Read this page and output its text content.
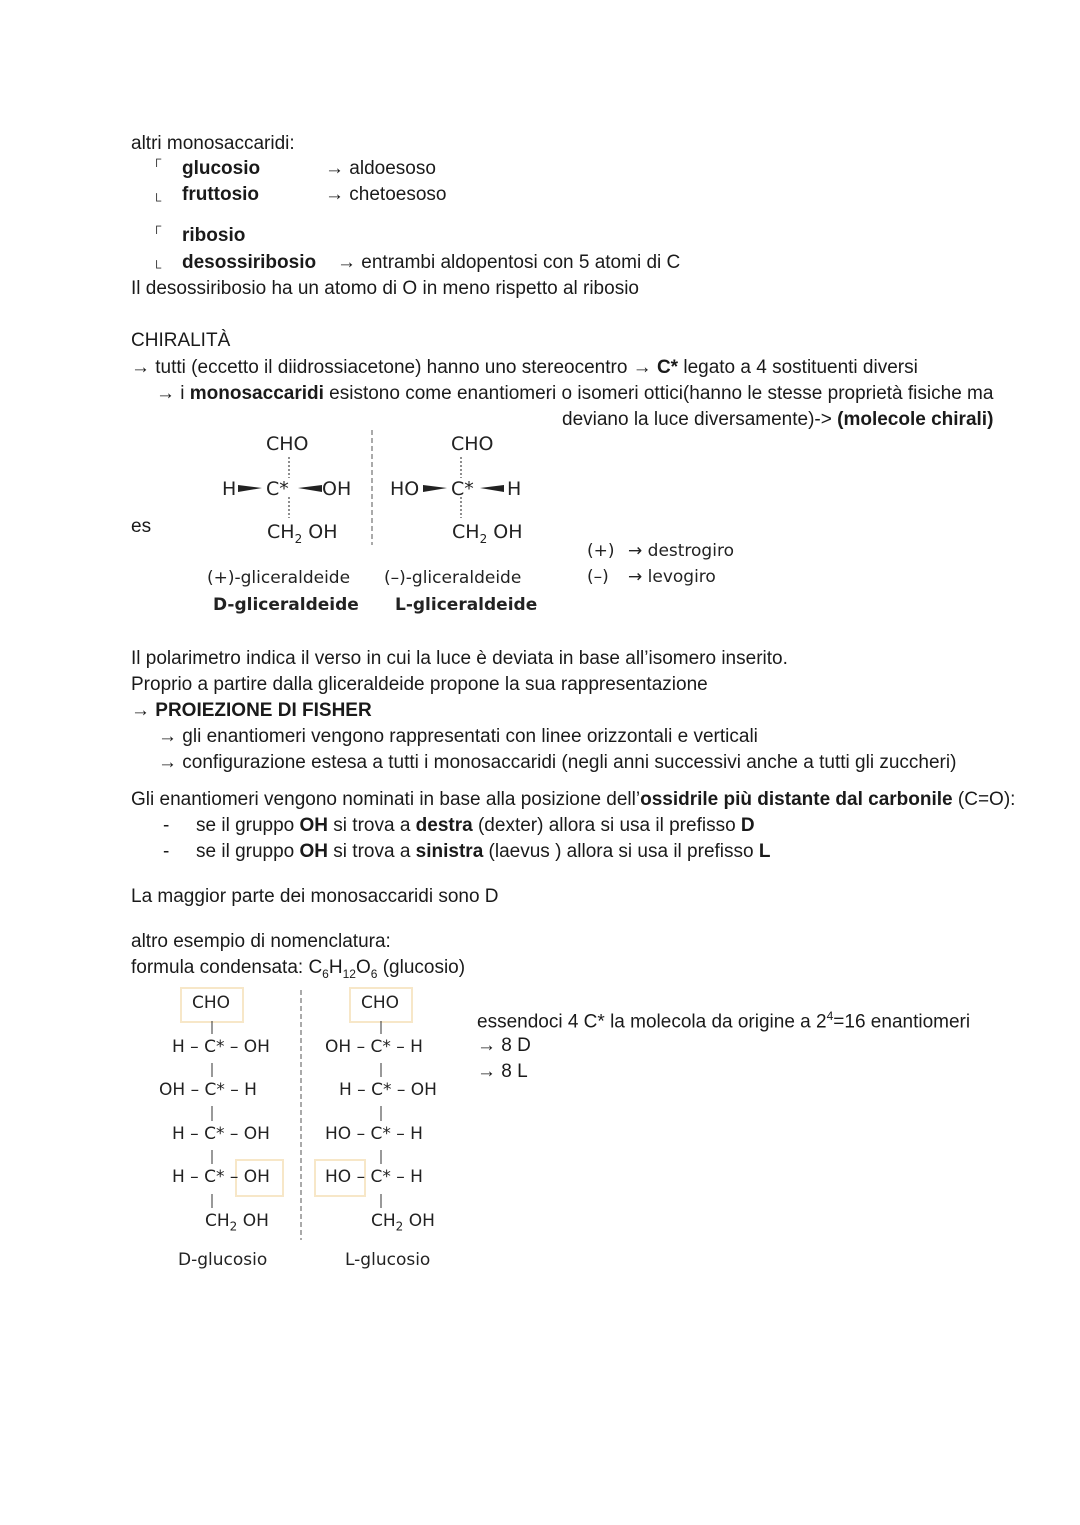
altri monosaccaridi:
┌ glucosio	→ aldoesoso
└ fruttosio	→ chetoesoso
┌ ribosio
└ desossiribosio → entrambi aldopentosi con 5 atomi di C
Il desossiribosio ha un atomo di O in meno rispetto al ribosio
CHIRALITÀ
→ tutti (eccetto il diidrossiacetone) hanno uno stereocentro → C* legato a 4 sostituenti diversi
→ i monosaccaridi esistono come enantiomeri o isomeri ottici(hanno le stesse proprietà fisiche ma
deviano la luce diversamente)-> (molecole chirali)
es
CHO
H C* OH
$CH_2$ OH
(+)-gliceraldeide
D-gliceraldeide
CHO
HO C* H
$CH_2$ OH
(–)-gliceraldeide
L-gliceraldeide
(+) → destrogiro
(–) → levogiro
Il polarimetro indica il verso in cui la luce è deviata in base all’isomero inserito.
Proprio a partire dalla gliceraldeide propone la sua rappresentazione
→ PROIEZIONE DI FISHER
→ gli enantiomeri vengono rappresentati con linee orizzontali e verticali
→ configurazione estesa a tutti i monosaccaridi (negli anni successivi anche a tutti gli zuccheri)
Gli enantiomeri vengono nominati in base alla posizione dell’ossidrile più distante dal carbonile (C=O):
- se il gruppo OH si trova a destra (dexter) allora si usa il prefisso D
- se il gruppo OH si trova a sinistra (laevus ) allora si usa il prefisso L
La maggior parte dei monosaccaridi sono D
altro esempio di nomenclatura:
formula condensata: $C_6H_{12}O_6$ (glucosio)
CHO
H – C* – OH
OH – C* – H
H – C* – OH
H – C* – OH
$CH_2$ OH
D-glucosio
CHO
OH – C* – H
H – C* – OH
HO – C* – H
HO – C* – H
$CH_2$ OH
L-glucosio
essendoci 4 C* la molecola da origine a $2^4=16$ enantiomeri
→ 8 D
→ 8 L
